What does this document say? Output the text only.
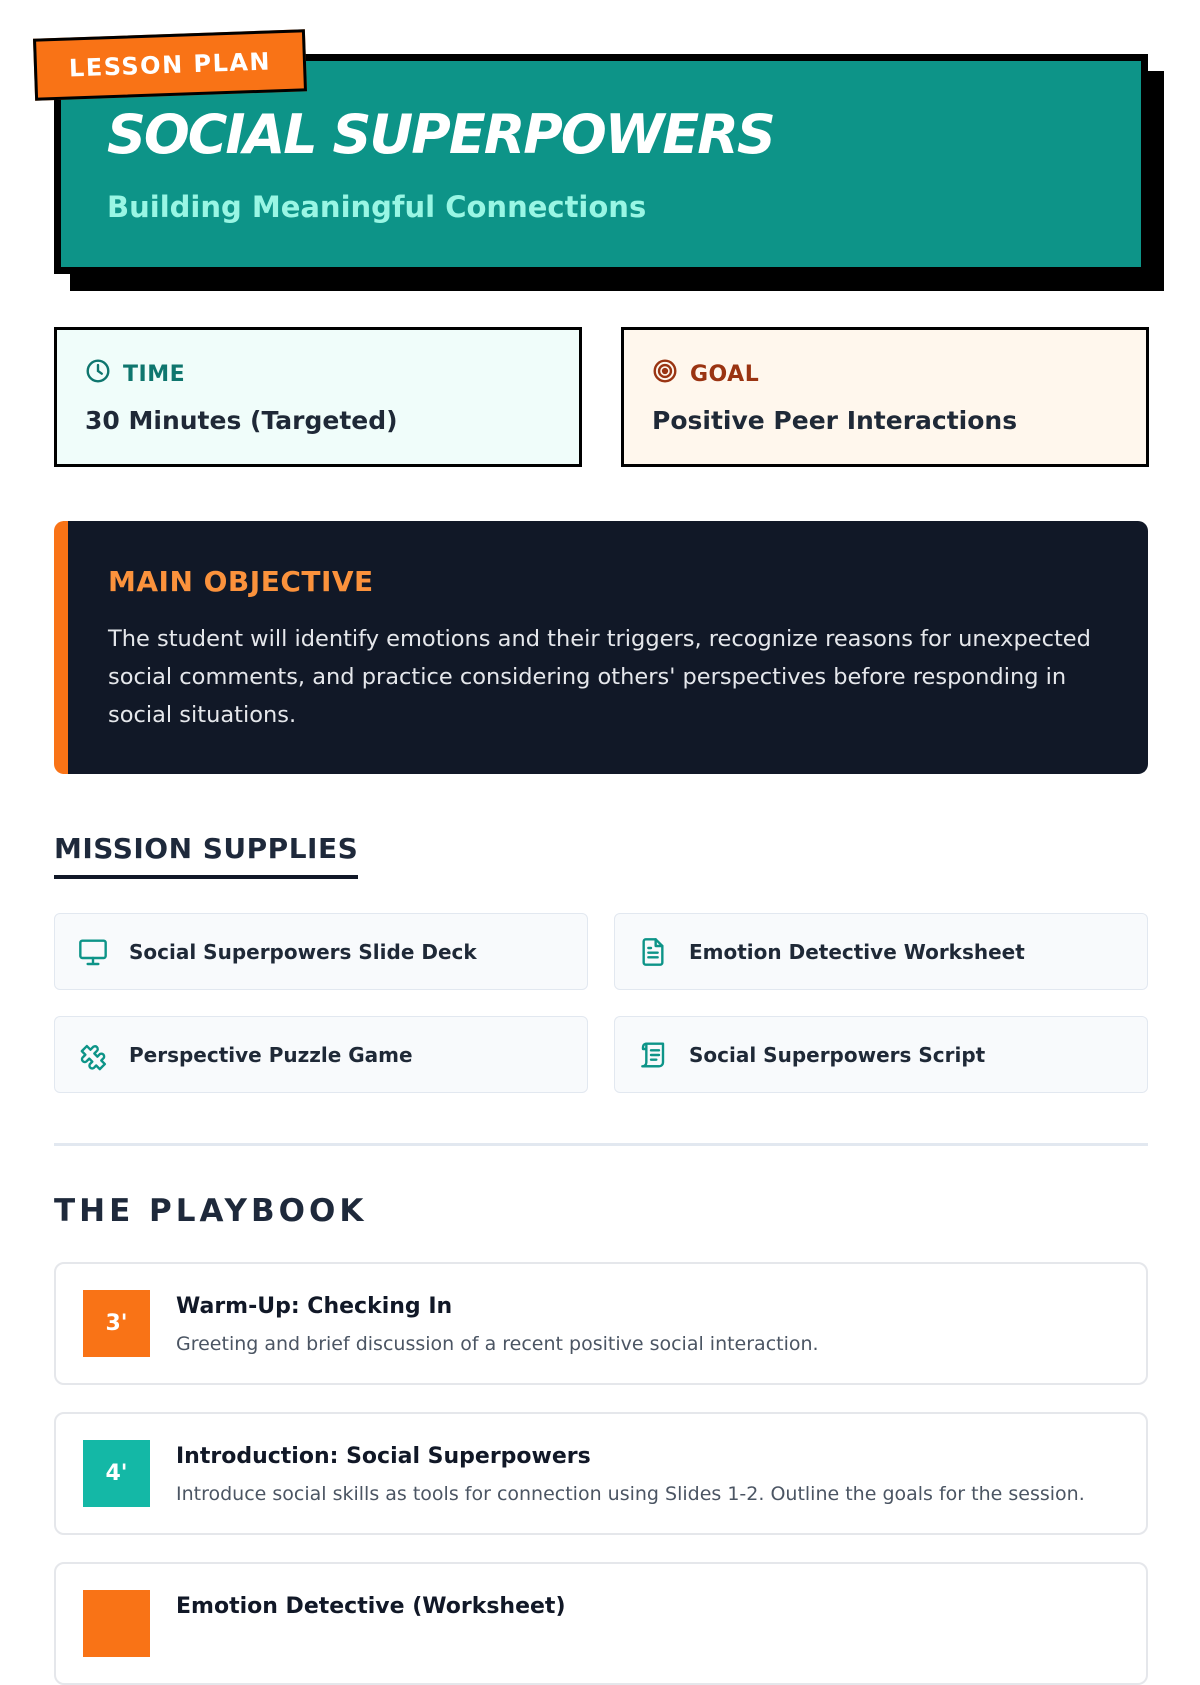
SOCIAL SUPERPOWERS
Building Meaningful Connections
LESSON PLAN
TIME
30 Minutes (Targeted)
GOAL
Positive Peer Interactions
MAIN OBJECTIVE
The student will identify emotions and their triggers, recognize reasons for unexpected social comments, and practice considering others' perspectives before responding in social situations.
MISSION SUPPLIES
Social Superpowers Slide Deck	Emotion Detective Worksheet
Perspective Puzzle Game	Social Superpowers Script
THE PLAYBOOK
3'
Warm-Up: Checking In
Greeting and brief discussion of a recent positive social interaction.
4'
Introduction: Social Superpowers
Introduce social skills as tools for connection using Slides 1-2. Outline the goals for the session.
Emotion Detective (Worksheet)
